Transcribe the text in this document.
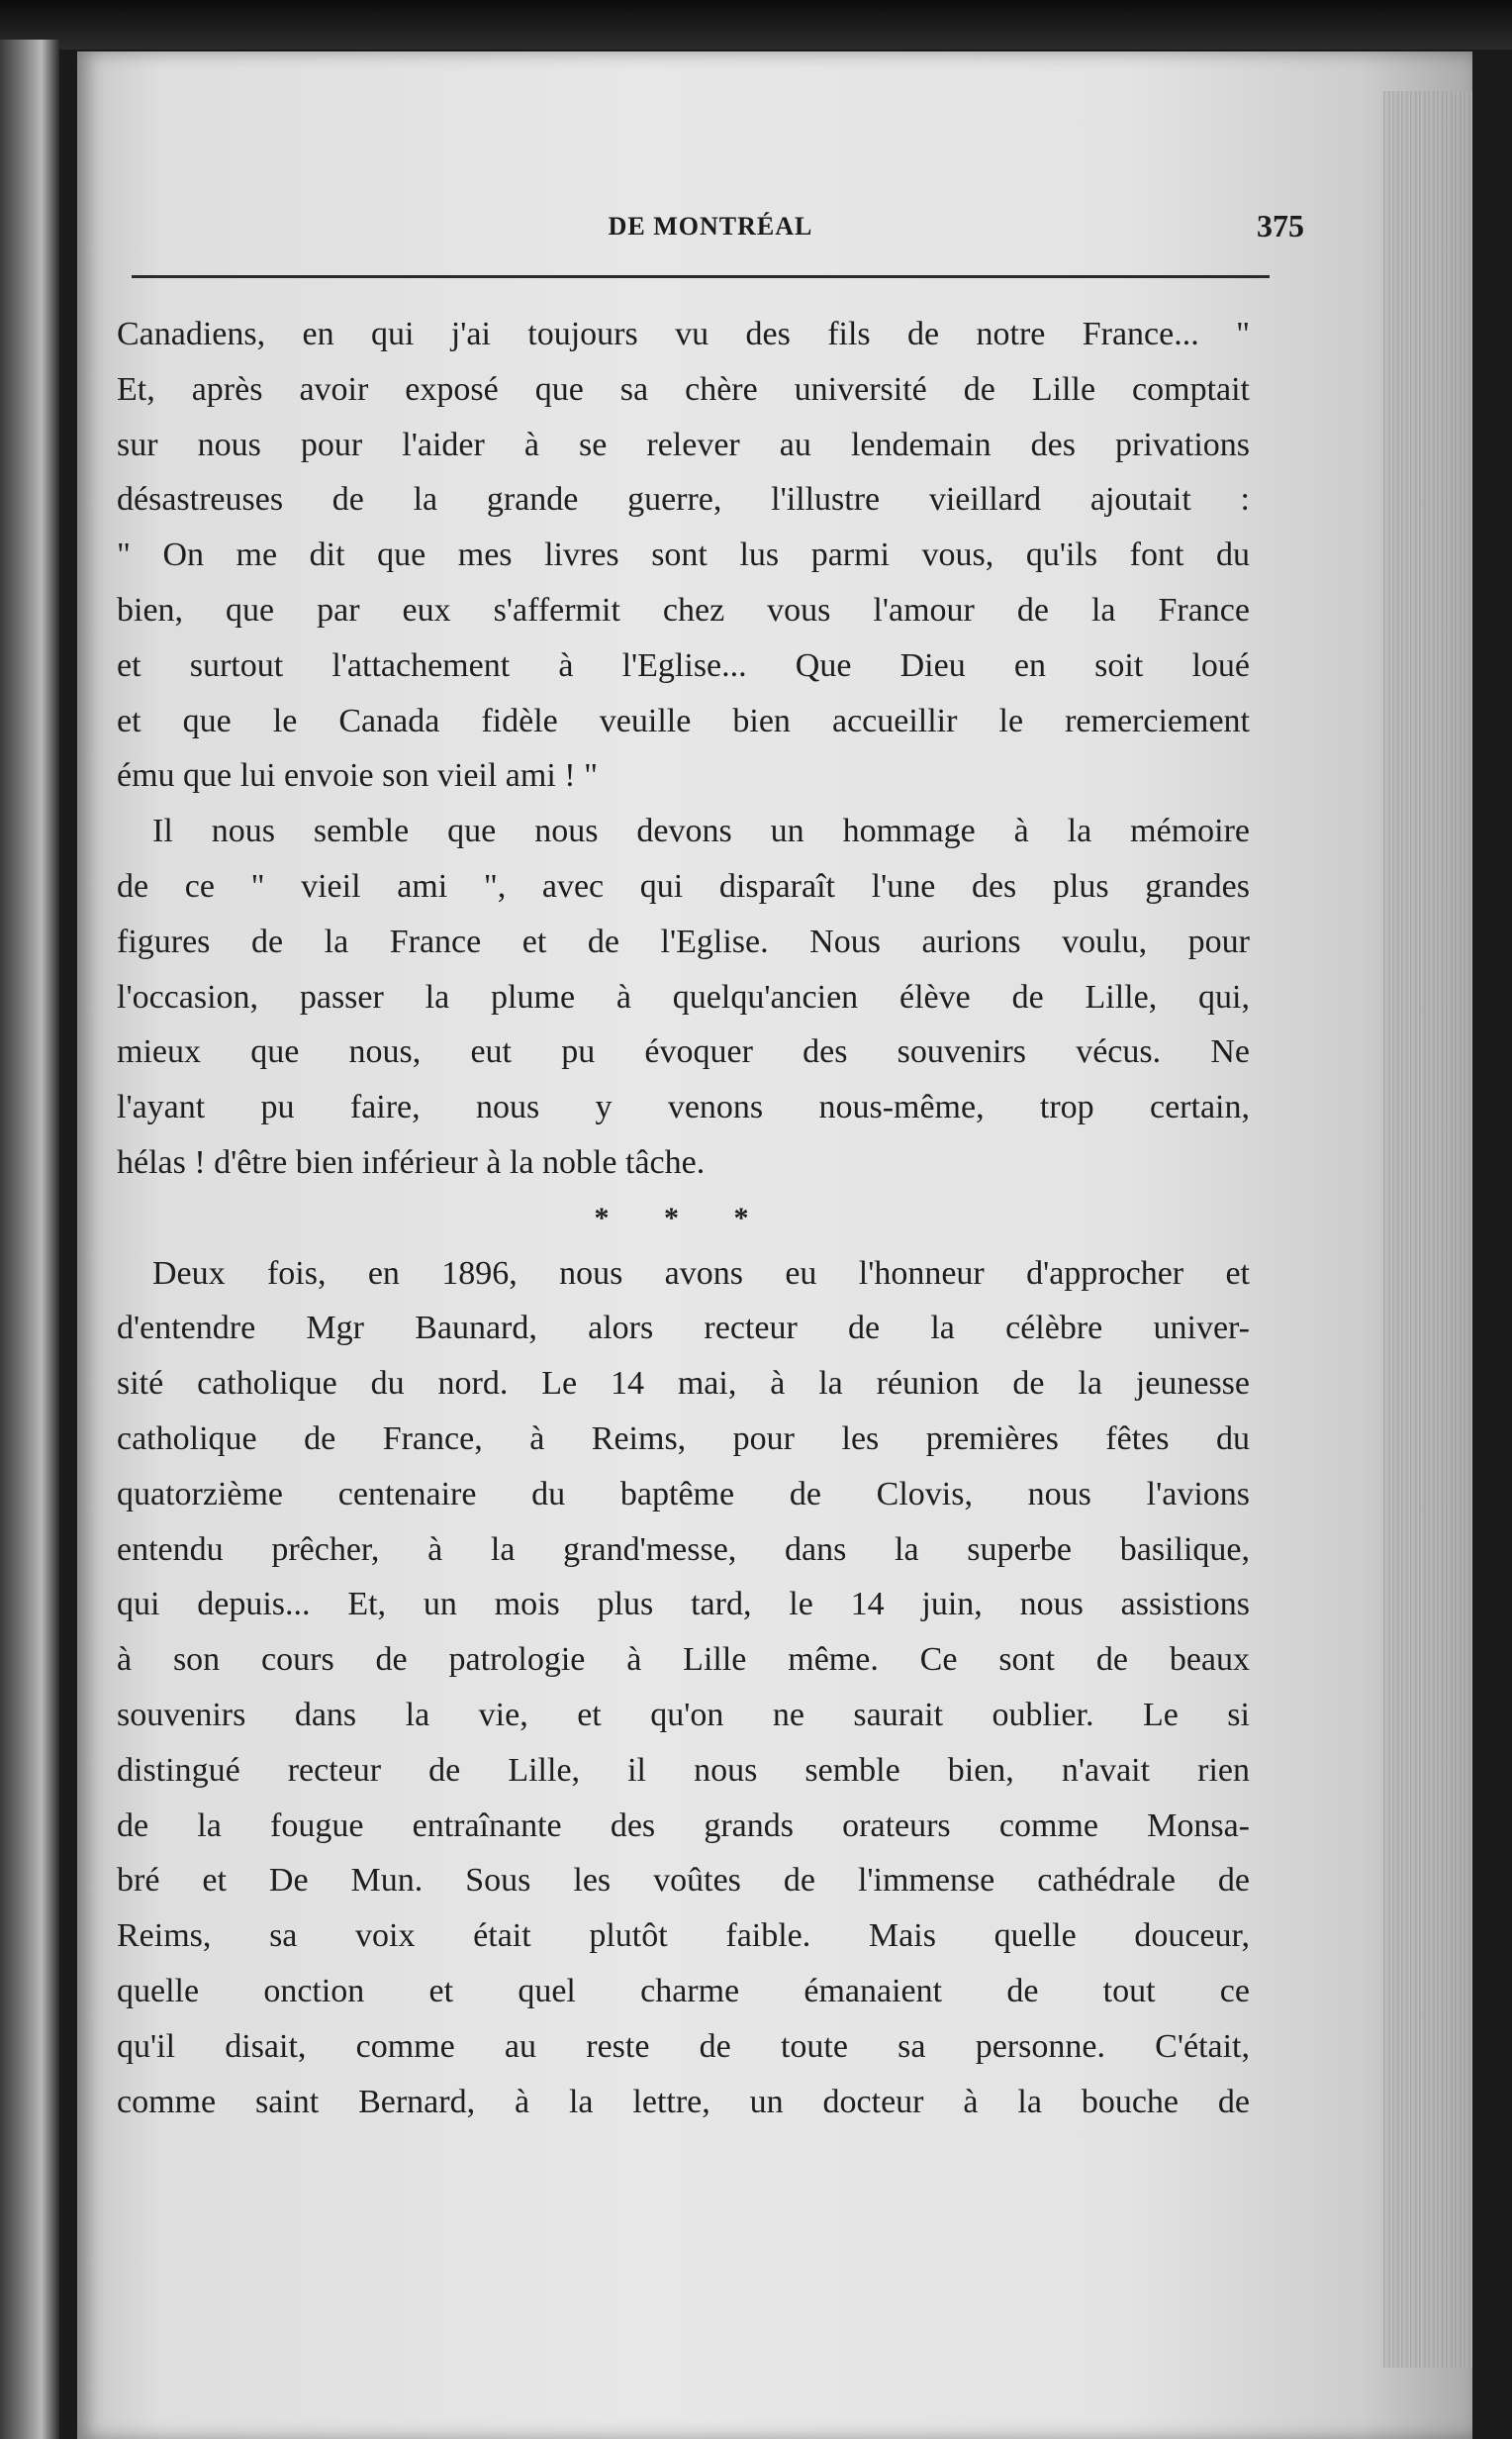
DE MONTRÉAL	375

Canadiens, en qui j'ai toujours vu des fils de notre France... "
Et, après avoir exposé que sa chère université de Lille comptait
sur nous pour l'aider à se relever au lendemain des privations
désastreuses de la grande guerre, l'illustre vieillard ajoutait :
" On me dit que mes livres sont lus parmi vous, qu'ils font du
bien, que par eux s'affermit chez vous l'amour de la France
et surtout l'attachement à l'Eglise... Que Dieu en soit loué
et que le Canada fidèle veuille bien accueillir le remerciement
ému que lui envoie son vieil ami ! "

Il nous semble que nous devons un hommage à la mémoire
de ce " vieil ami ", avec qui disparaît l'une des plus grandes
figures de la France et de l'Eglise. Nous aurions voulu, pour
l'occasion, passer la plume à quelqu'ancien élève de Lille, qui,
mieux que nous, eut pu évoquer des souvenirs vécus. Ne
l'ayant pu faire, nous y venons nous-même, trop certain,
hélas ! d'être bien inférieur à la noble tâche.

* * *

Deux fois, en 1896, nous avons eu l'honneur d'approcher et
d'entendre Mgr Baunard, alors recteur de la célèbre univer-
sité catholique du nord. Le 14 mai, à la réunion de la jeunesse
catholique de France, à Reims, pour les premières fêtes du
quatorzième centenaire du baptême de Clovis, nous l'avions
entendu prêcher, à la grand'messe, dans la superbe basilique,
qui depuis... Et, un mois plus tard, le 14 juin, nous assistions
à son cours de patrologie à Lille même. Ce sont de beaux
souvenirs dans la vie, et qu'on ne saurait oublier. Le si
distingué recteur de Lille, il nous semble bien, n'avait rien
de la fougue entraînante des grands orateurs comme Monsa-
bré et De Mun. Sous les voûtes de l'immense cathédrale de
Reims, sa voix était plutôt faible. Mais quelle douceur,
quelle onction et quel charme émanaient de tout ce
qu'il disait, comme au reste de toute sa personne. C'était,
comme saint Bernard, à la lettre, un docteur à la bouche de
